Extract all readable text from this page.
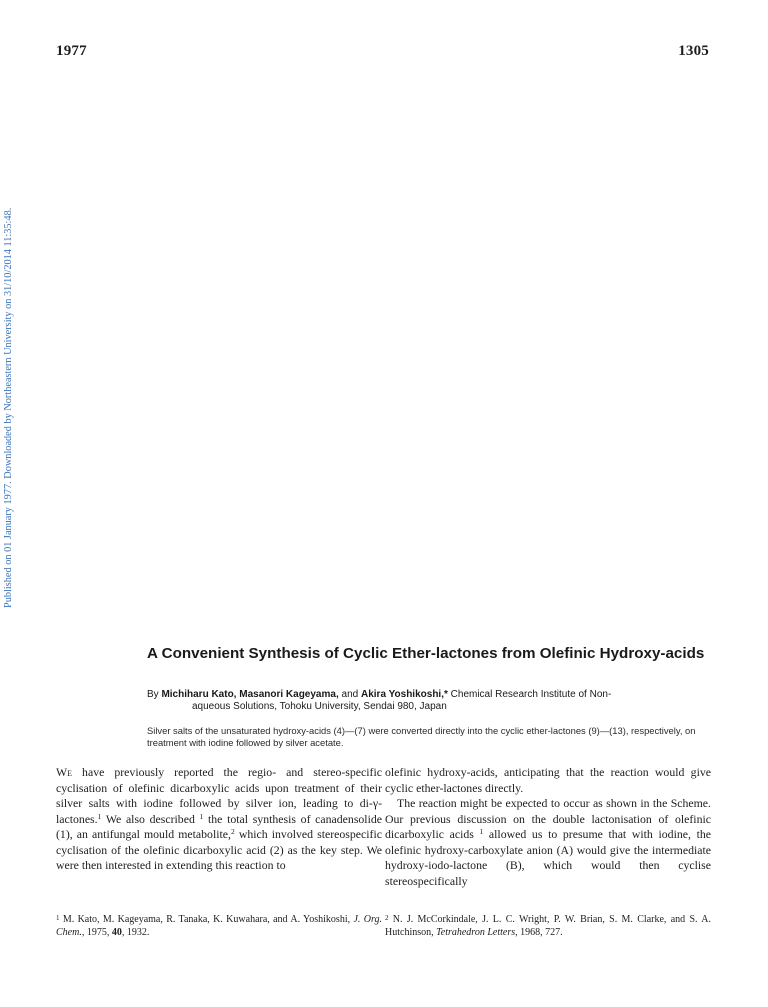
1977	1305
Published on 01 January 1977. Downloaded by Northeastern University on 31/10/2014 11:35:48.
A Convenient Synthesis of Cyclic Ether-lactones from Olefinic Hydroxy-acids
By Michiharu Kato, Masanori Kageyama, and Akira Yoshikoshi,* Chemical Research Institute of Non-
aqueous Solutions, Tohoku University, Sendai 980, Japan
Silver salts of the unsaturated hydroxy-acids (4)—(7) were converted directly into the cyclic ether-lactones (9)—(13), respectively, on treatment with iodine followed by silver acetate.

We have previously reported the regio- and stereo-specific cyclisation of olefinic dicarboxylic acids upon treatment of their silver salts with iodine followed by silver ion, leading to di-γ-lactones.$^1$ We also described $^1$ the total synthesis of canadensolide (1), an antifungal mould metabolite,$^2$ which involved stereospecific cyclisation of the olefinic dicarboxylic acid (2) as the key step. We were then interested in extending this reaction to

olefinic hydroxy-acids, anticipating that the reaction would give cyclic ether-lactones directly.

The reaction might be expected to occur as shown in the Scheme. Our previous discussion on the double lactonisation of olefinic dicarboxylic acids $^1$ allowed us to presume that with iodine, the olefinic hydroxy-carboxylate anion (A) would give the intermediate hydroxy-iodo-lactone (B), which would then cyclise stereospecifically

$^1$ M. Kato, M. Kageyama, R. Tanaka, K. Kuwahara, and A. Yoshikoshi, J. Org. Chem., 1975, 40, 1932.
$^2$ N. J. McCorkindale, J. L. C. Wright, P. W. Brian, S. M. Clarke, and S. A. Hutchinson, Tetrahedron Letters, 1968, 727.
